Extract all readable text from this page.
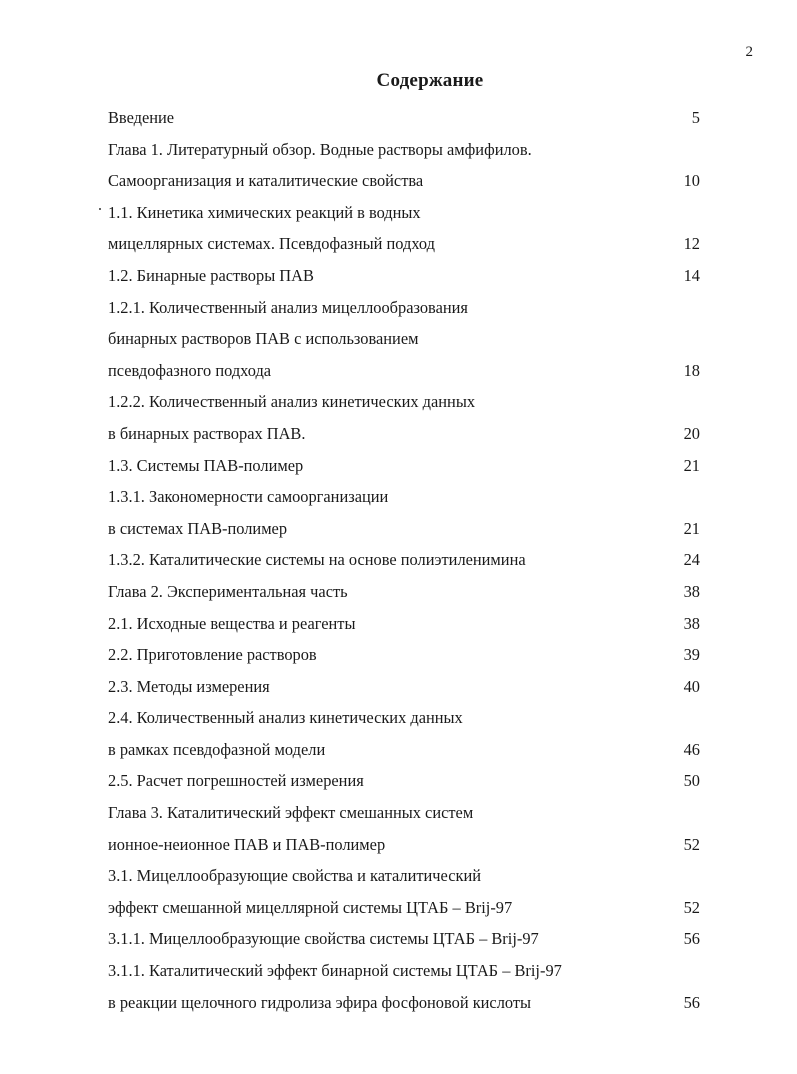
2
Содержание
Введение	5
Глава 1. Литературный обзор. Водные растворы амфифилов.
Самоорганизация и каталитические свойства	10
1.1. Кинетика химических реакций в водных
мицеллярных системах. Псевдофазный подход	12
1.2. Бинарные растворы ПАВ	14
1.2.1. Количественный анализ мицеллообразования
бинарных растворов ПАВ с использованием
псевдофазного подхода	18
1.2.2. Количественный анализ кинетических данных
в бинарных растворах ПАВ.	20
1.3. Системы ПАВ-полимер	21
1.3.1. Закономерности самоорганизации
в системах ПАВ-полимер	21
1.3.2. Каталитические системы на основе полиэтиленимина	24
Глава 2. Экспериментальная часть	38
2.1. Исходные вещества и реагенты	38
2.2. Приготовление растворов	39
2.3. Методы измерения	40
2.4. Количественный анализ кинетических данных
в рамках псевдофазной модели	46
2.5. Расчет погрешностей измерения	50
Глава 3. Каталитический эффект смешанных систем
ионное-неионное ПАВ и ПАВ-полимер	52
3.1. Мицеллообразующие свойства и каталитический
эффект смешанной мицеллярной системы ЦТАБ – Brij-97	52
3.1.1. Мицеллообразующие свойства системы ЦТАБ – Brij-97	56
3.1.1. Каталитический эффект бинарной системы ЦТАБ – Brij-97
в реакции щелочного гидролиза эфира фосфоновой кислоты	56
